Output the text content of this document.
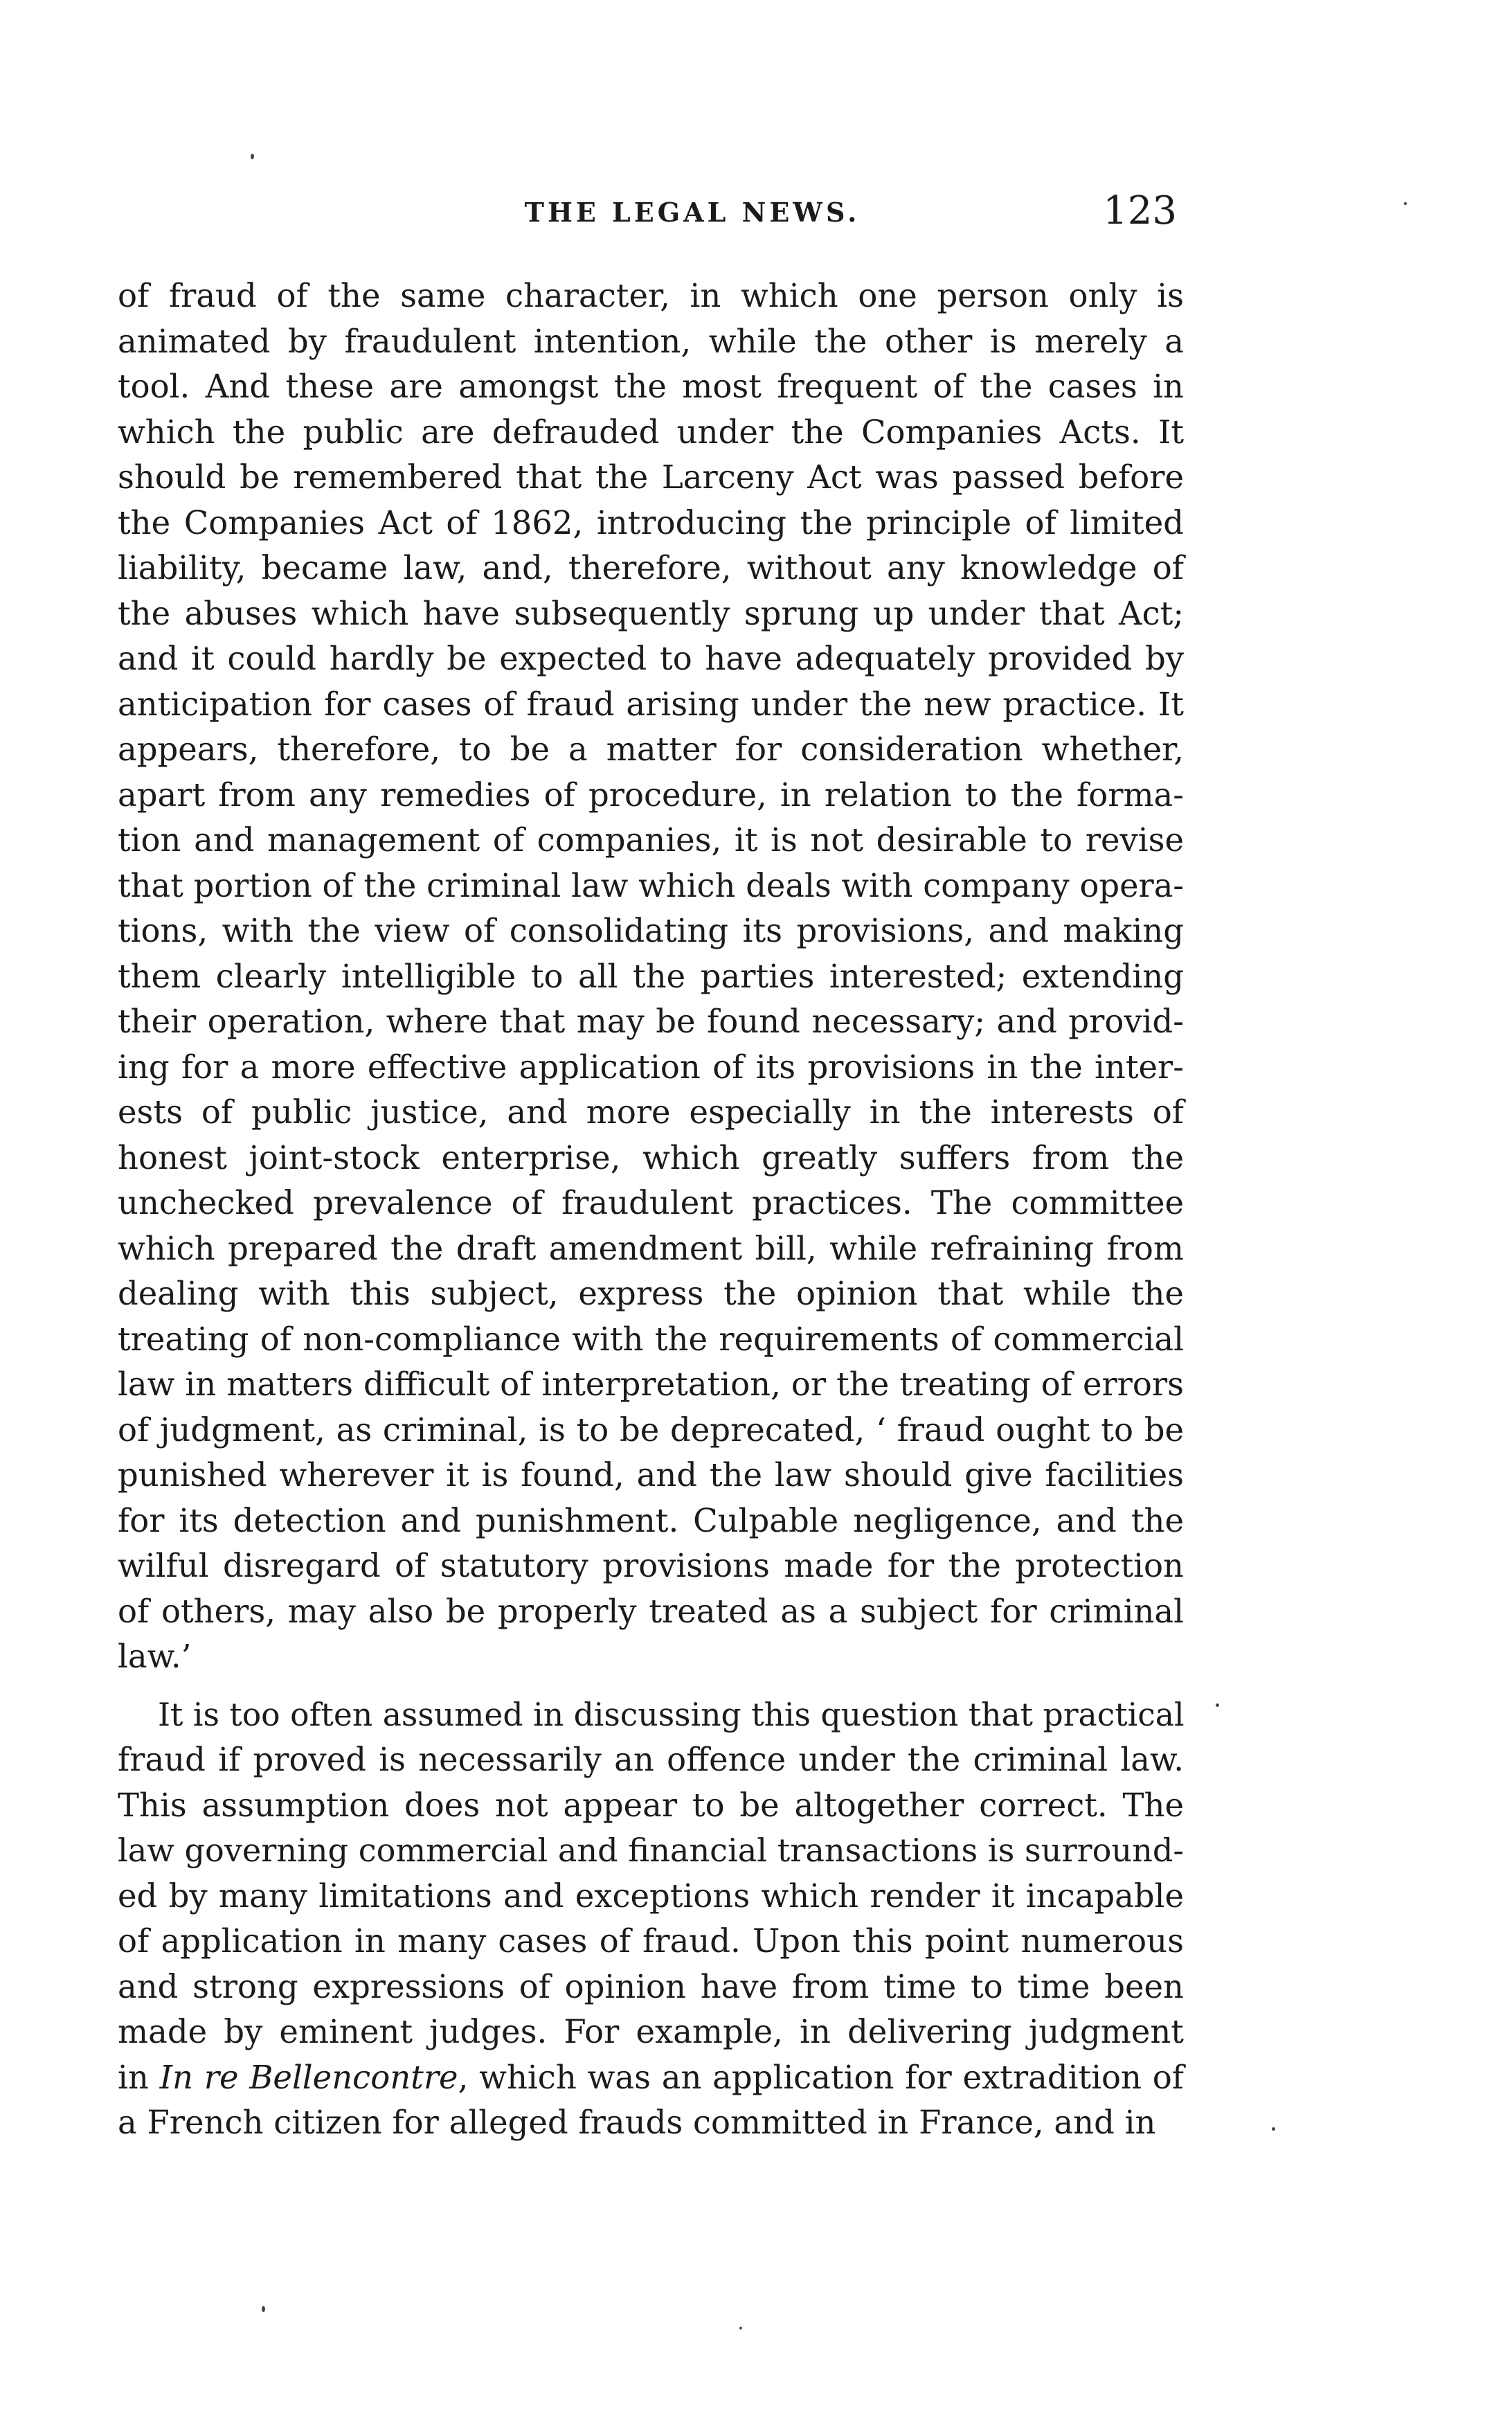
THE LEGAL NEWS.	123
of fraud of the same character, in which one person only is
animated by fraudulent intention, while the other is merely a
tool. And these are amongst the most frequent of the cases in
which the public are defrauded under the Companies Acts. It
should be remembered that the Larceny Act was passed before
the Companies Act of 1862, introducing the principle of limited
liability, became law, and, therefore, without any knowledge of
the abuses which have subsequently sprung up under that Act;
and it could hardly be expected to have adequately provided by
anticipation for cases of fraud arising under the new practice. It
appears, therefore, to be a matter for consideration whether,
apart from any remedies of procedure, in relation to the forma-
tion and management of companies, it is not desirable to revise
that portion of the criminal law which deals with company opera-
tions, with the view of consolidating its provisions, and making
them clearly intelligible to all the parties interested; extending
their operation, where that may be found necessary; and provid-
ing for a more effective application of its provisions in the inter-
ests of public justice, and more especially in the interests of
honest joint-stock enterprise, which greatly suffers from the
unchecked prevalence of fraudulent practices. The committee
which prepared the draft amendment bill, while refraining from
dealing with this subject, express the opinion that while the
treating of non-compliance with the requirements of commercial
law in matters difficult of interpretation, or the treating of errors
of judgment, as criminal, is to be deprecated, ‘ fraud ought to be
punished wherever it is found, and the law should give facilities
for its detection and punishment. Culpable negligence, and the
wilful disregard of statutory provisions made for the protection
of others, may also be properly treated as a subject for criminal
law.’
It is too often assumed in discussing this question that practical
fraud if proved is necessarily an offence under the criminal law.
This assumption does not appear to be altogether correct. The
law governing commercial and financial transactions is surround-
ed by many limitations and exceptions which render it incapable
of application in many cases of fraud. Upon this point numerous
and strong expressions of opinion have from time to time been
made by eminent judges. For example, in delivering judgment
in In re Bellencontre, which was an application for extradition of
a French citizen for alleged frauds committed in France, and in
